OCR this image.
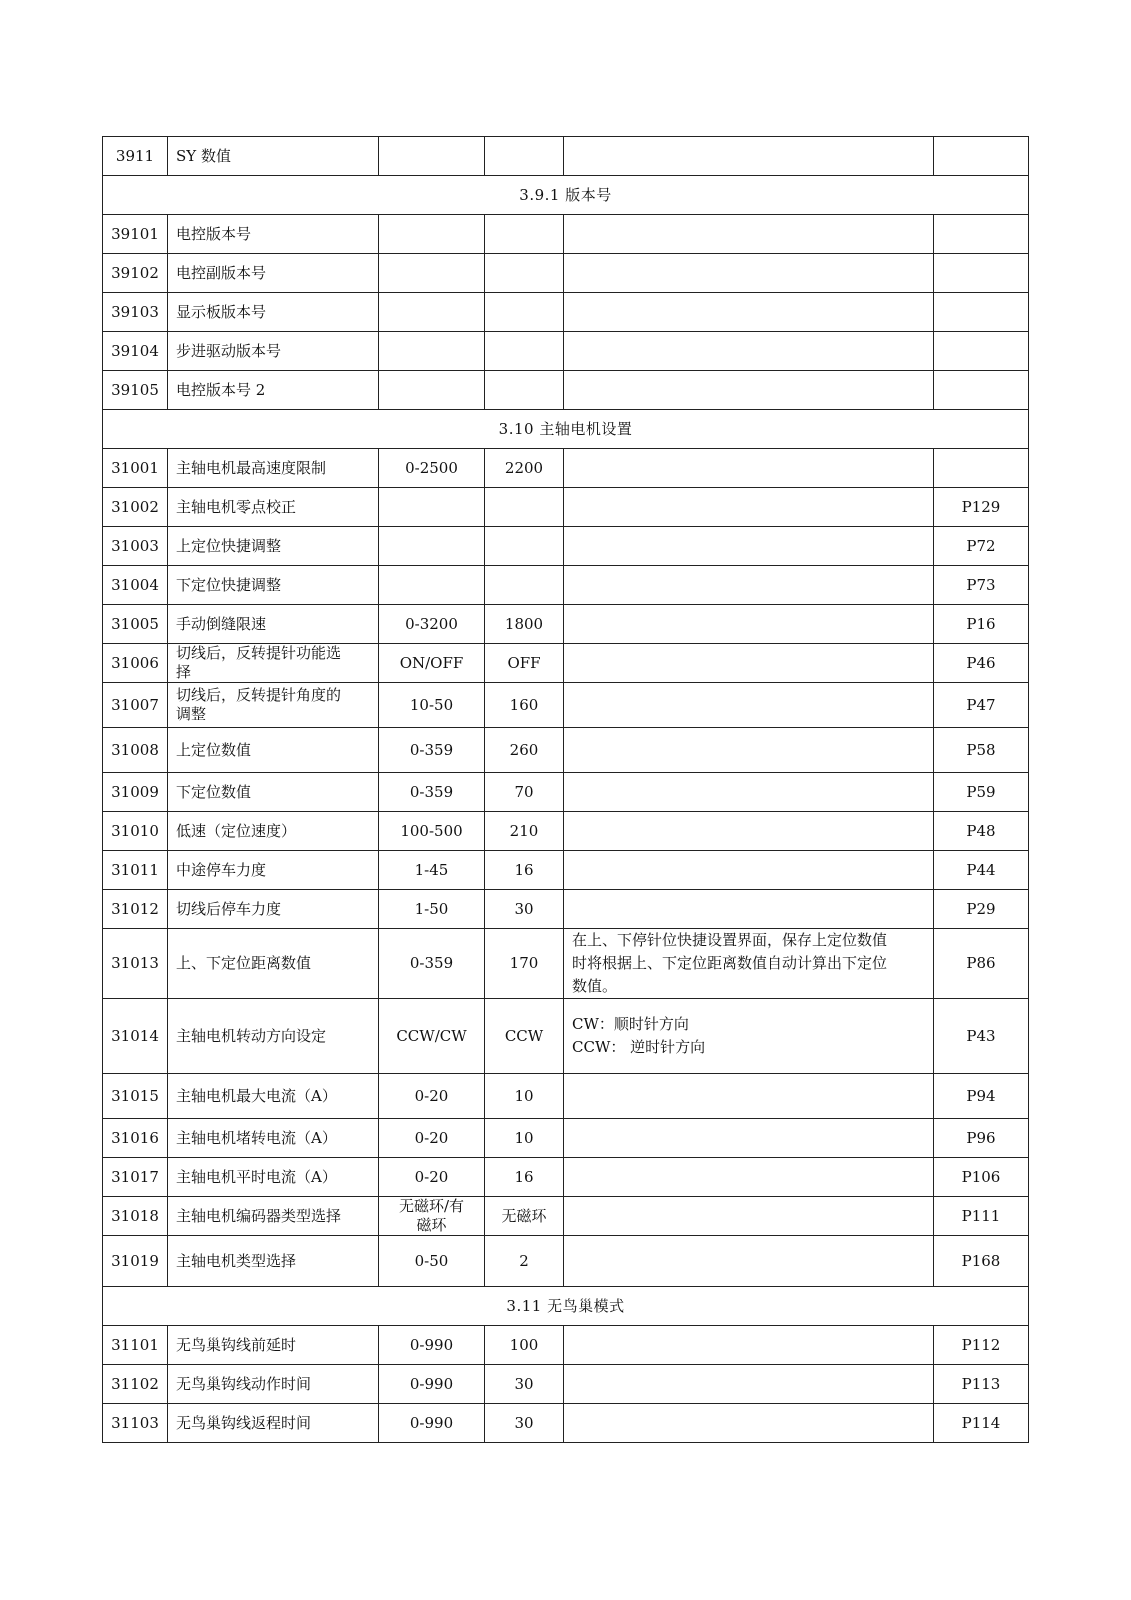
3911	SY 数值				
3.9.1 版本号					
39101	电控版本号				
39102	电控副版本号				
39103	显示板版本号				
39104	步进驱动版本号				
39105	电控版本号 2				
3.10 主轴电机设置					
31001	主轴电机最高速度限制	0-2500	2200		
31002	主轴电机零点校正				P129
31003	上定位快捷调整				P72
31004	下定位快捷调整				P73
31005	手动倒缝限速	0-3200	1800		P16
31006	切线后，反转提针功能选
择	ON/OFF	OFF		P46
31007	切线后，反转提针角度的
调整	10-50	160		P47
31008	上定位数值	0-359	260		P58
31009	下定位数值	0-359	70		P59
31010	低速（定位速度）	100-500	210		P48
31011	中途停车力度	1-45	16		P44
31012	切线后停车力度	1-50	30		P29
31013	上、下定位距离数值	0-359	170	在上、下停针位快捷设置界面，保存上定位数值
时将根据上、下定位距离数值自动计算出下定位
数值。	P86
31014	主轴电机转动方向设定	CCW/CW	CCW	CW：顺时针方向
CCW： 逆时针方向	P43
31015	主轴电机最大电流（A）	0-20	10		P94
31016	主轴电机堵转电流（A）	0-20	10		P96
31017	主轴电机平时电流（A）	0-20	16		P106
31018	主轴电机编码器类型选择	无磁环/有
磁环	无磁环		P111
31019	主轴电机类型选择	0-50	2		P168
3.11 无鸟巢模式					
31101	无鸟巢钩线前延时	0-990	100		P112
31102	无鸟巢钩线动作时间	0-990	30		P113
31103	无鸟巢钩线返程时间	0-990	30		P114
